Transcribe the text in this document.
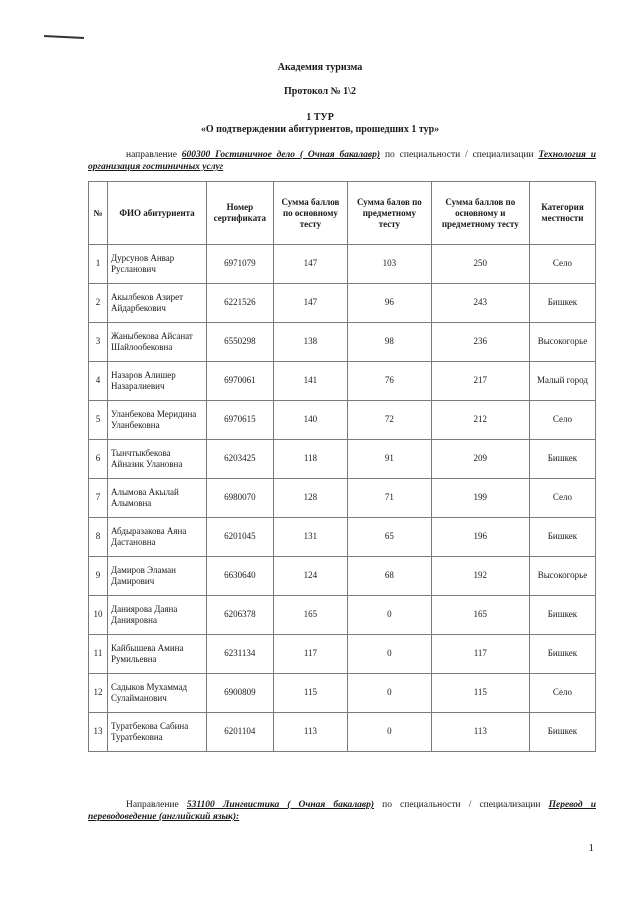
Академия туризма
Протокол № 1\2
1 ТУР
«О подтверждении абитуриентов, прошедших 1 тур»
направление 600300 Гостиничное дело ( Очная бакалавр) по специальности / специализации Технология и организация гостиничных услуг
№	ФИО абитуриента	Номер сертификата	Сумма баллов по основному тесту	Сумма балов по предметному тесту	Сумма баллов по основному и предметному тесту	Категория местности
1	Дурсунов Анвар Русланович	6971079	147	103	250	Село
2	Акылбеков Азирет Айдарбекович	6221526	147	96	243	Бишкек
3	Жаныбекова Айсанат Шайлообековна	6550298	138	98	236	Высокогорье
4	Назаров Алишер Назаралиевич	6970061	141	76	217	Малый город
5	Уланбекова Меридина Уланбековна	6970615	140	72	212	Село
6	Тынчтыкбекова Айназик Улановна	6203425	118	91	209	Бишкек
7	Алымова Акылай Алымовна	6980070	128	71	199	Село
8	Абдыразакова Аяна Дастановна	6201045	131	65	196	Бишкек
9	Дамиров Эламан Дамирович	6630640	124	68	192	Высокогорье
10	Даниярова Даяна Данияровна	6206378	165	0	165	Бишкек
11	Кайбышева Амина Румильевна	6231134	117	0	117	Бишкек
12	Садыков Мухаммад Сулайманович	6900809	115	0	115	Село
13	Туратбекова Сабина Туратбековна	6201104	113	0	113	Бишкек
Направление 531100 Лингвистика ( Очная бакалавр) по специальности / специализации Перевод и переводоведение (английский язык):
1
